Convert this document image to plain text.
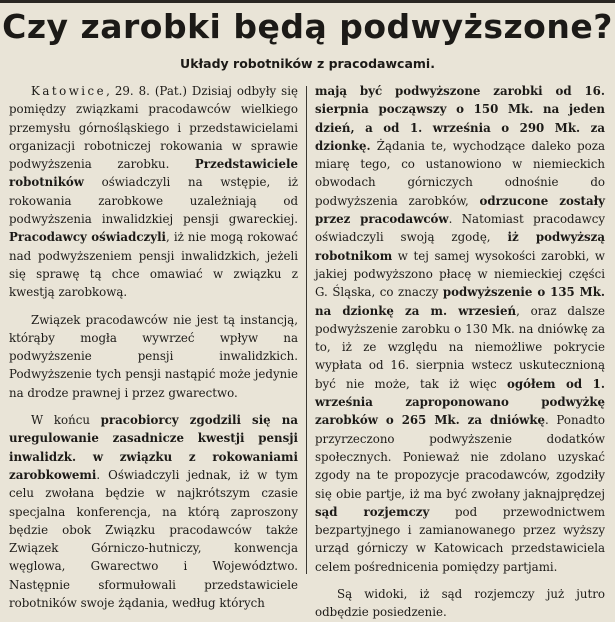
Czy zarobki będą podwyższone?
Układy robotników z pracodawcami.

Katowice, 29. 8. (Pat.) Dzisiaj odbyły się pomiędzy związkami pracodawców wielkiego przemysłu górnośląskiego i przedstawicielami organizacji robotniczej rokowania w sprawie podwyższenia zarobku. Przedstawiciele robotników oświadczyli na wstępie, iż rokowania zarobkowe uzależniają od podwyższenia inwalidzkiej pensji gwareckiej. Pracodawcy oświadczyli, iż nie mogą rokować nad podwyższeniem pensji inwalidzkich, jeżeli się sprawę tą chce omawiać w związku z kwestją zarobkową.

Związek pracodawców nie jest tą instancją, którąby mogła wywrzeć wpływ na podwyższenie pensji inwalidzkich. Podwyższenie tych pensji nastąpić może jedynie na drodze prawnej i przez gwarectwo.

W końcu pracobiorcy zgodzili się na uregulowanie zasadnicze kwestji pensji inwalidzk. w związku z rokowaniami zarobkowemi. Oświadczyli jednak, iż w tym celu zwołana będzie w najkrótszym czasie specjalna konferencja, na którą zaproszony będzie obok Związku pracodawców także Związek Górniczo-hutniczy, konwencja węglowa, Gwarectwo i Województwo. Następnie sformułowali przedstawiciele robotników swoje żądania, według których

mają być podwyższone zarobki od 16. sierpnia począwszy o 150 Mk. na jeden dzień, a od 1. września o 290 Mk. za dzionkę. Żądania te, wychodzące daleko poza miarę tego, co ustanowiono w niemieckich obwodach górniczych odnośnie do podwyższenia zarobków, odrzucone zostały przez pracodawców. Natomiast pracodawcy oświadczyli swoją zgodę, iż podwyższą robotnikom w tej samej wysokości zarobki, w jakiej podwyższono płacę w niemieckiej części G. Śląska, co znaczy podwyższenie o 135 Mk. na dzionkę za m. wrzesień, oraz dalsze podwyższenie zarobku o 130 Mk. na dniówkę za to, iż ze względu na niemożliwe pokrycie wypłata od 16. sierpnia wstecz uskutecznioną być nie może, tak iż więc ogółem od 1. września zaproponowano podwyżkę zarobków o 265 Mk. za dniówkę. Ponadto przyrzeczono podwyższenie dodatków społecznych. Ponieważ nie zdolano uzyskać zgody na te propozycje pracodawców, zgodziły się obie partje, iż ma być zwołany jaknajprędzej sąd rozjemczy pod przewodnictwem bezpartyjnego i zamianowanego przez wyższy urząd górniczy w Katowicach przedstawiciela celem pośrednicenia pomiędzy partjami.

Są widoki, iż sąd rozjemczy już jutro odbędzie posiedzenie.
